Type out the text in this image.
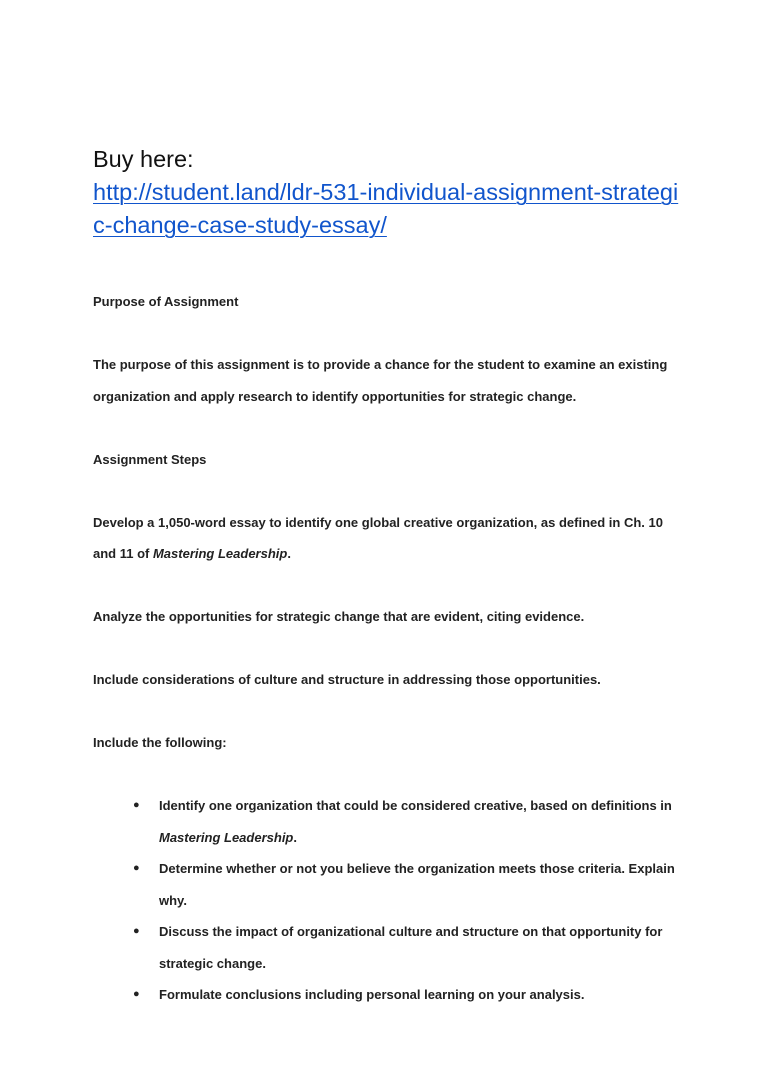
Buy here:

http://student.land/ldr-531-individual-assignment-strategic-change-case-study-essay/

Purpose of Assignment

The purpose of this assignment is to provide a chance for the student to examine an existing organization and apply research to identify opportunities for strategic change.

Assignment Steps

Develop a 1,050-word essay to identify one global creative organization, as defined in Ch. 10 and 11 of Mastering Leadership.

Analyze the opportunities for strategic change that are evident, citing evidence.

Include considerations of culture and structure in addressing those opportunities.

Include the following:

● Identify one organization that could be considered creative, based on definitions in Mastering Leadership.
● Determine whether or not you believe the organization meets those criteria. Explain why.
● Discuss the impact of organizational culture and structure on that opportunity for strategic change.
● Formulate conclusions including personal learning on your analysis.
